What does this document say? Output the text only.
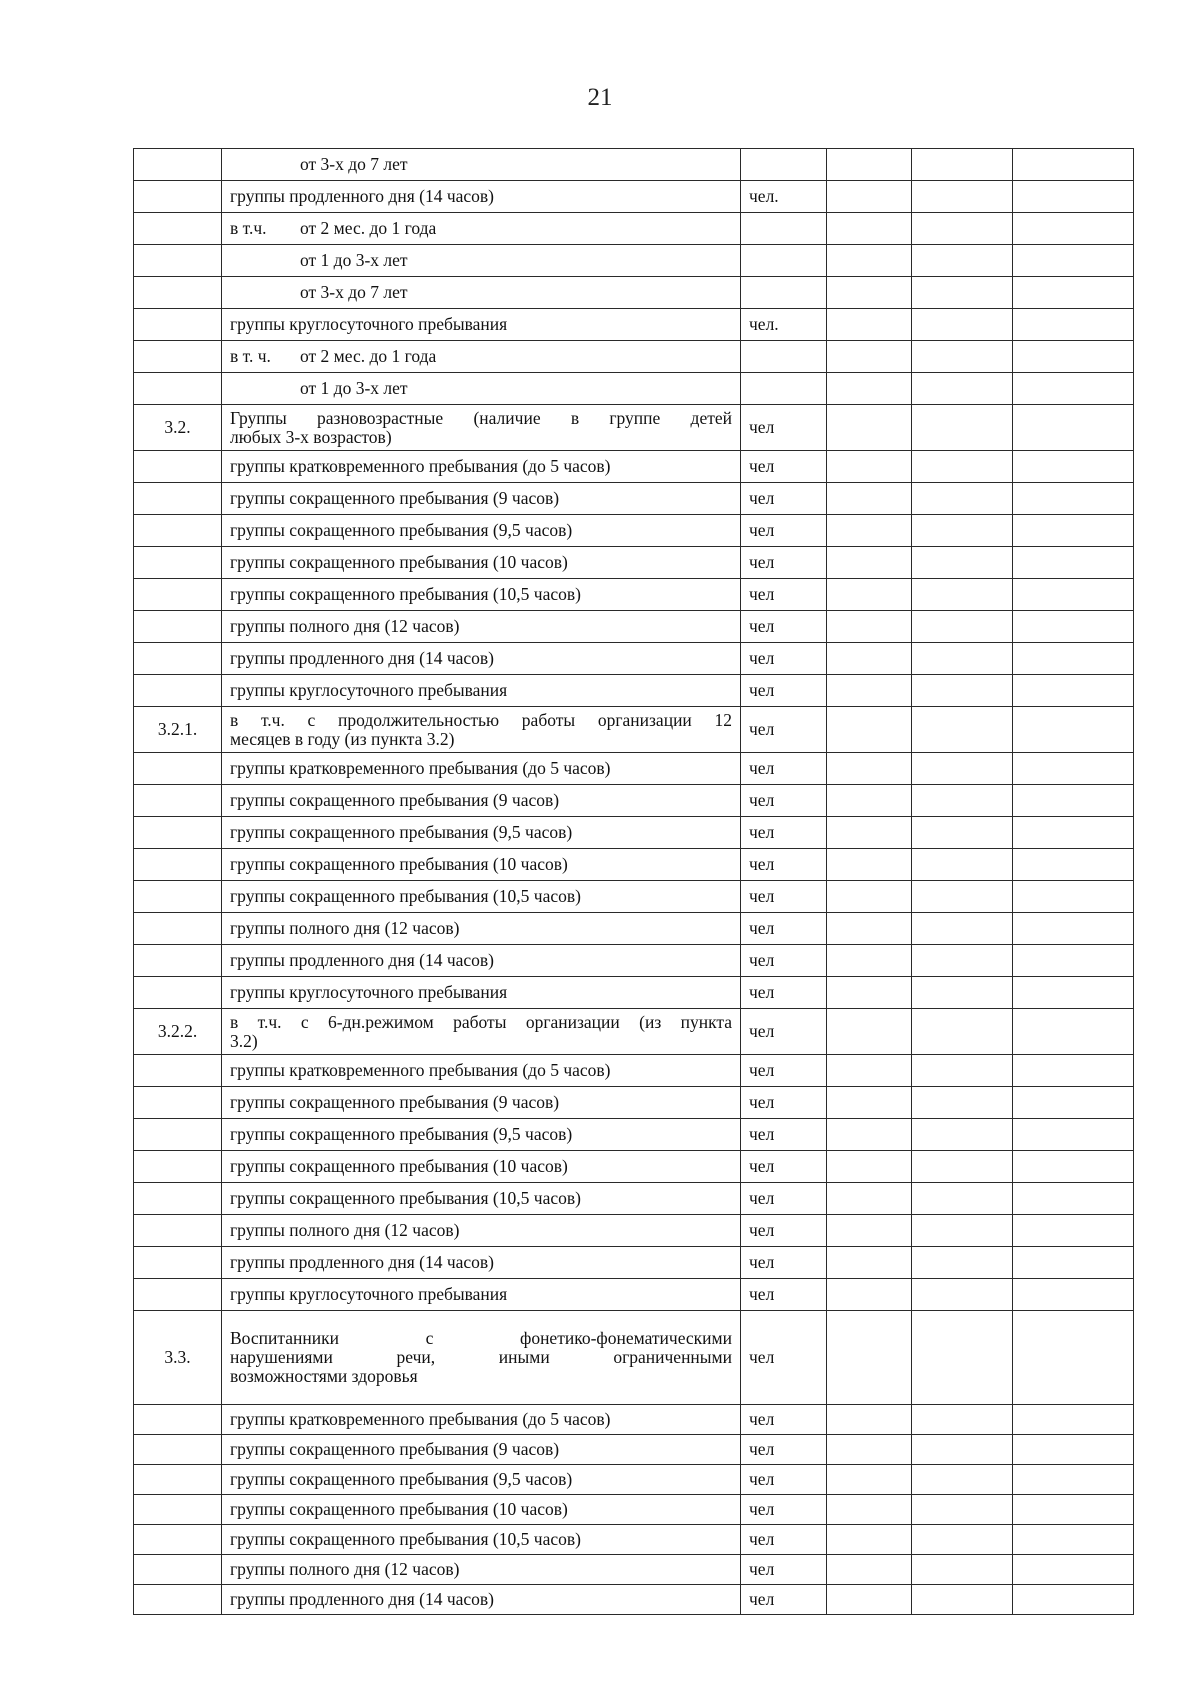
21

	от 3-х до 7 лет				

	группы продленного дня (14 часов)	чел.			
	в т.ч. от 2 мес. до 1 года				

	от 1 до 3-х лет				

	от 3-х до 7 лет				

	группы круглосуточного пребывания	чел.			
	в т. ч. от 2 мес. до 1 года				

	от 1 до 3-х лет				

3.2.	Группы разновозрастные (наличие в группе детей
любых 3-х возрастов)	чел			

	группы кратковременного пребывания (до 5 часов)	чел			

	группы сокращенного пребывания (9 часов)	чел			

	группы сокращенного пребывания (9,5 часов)	чел			

	группы сокращенного пребывания (10 часов)	чел			

	группы сокращенного пребывания (10,5 часов)	чел			

	группы полного дня (12 часов)	чел			

	группы продленного дня (14 часов)	чел			

	группы круглосуточного пребывания	чел			
3.2.1.	в т.ч. с продолжительностью работы организации 12
месяцев в году (из пункта 3.2)	чел			

	группы кратковременного пребывания (до 5 часов)	чел			

	группы сокращенного пребывания (9 часов)	чел			

	группы сокращенного пребывания (9,5 часов)	чел			

	группы сокращенного пребывания (10 часов)	чел			

	группы сокращенного пребывания (10,5 часов)	чел			

	группы полного дня (12 часов)	чел			

	группы продленного дня (14 часов)	чел			

	группы круглосуточного пребывания	чел			
3.2.2.	в т.ч. с 6-дн.режимом работы организации (из пункта
3.2)	чел			

	группы кратковременного пребывания (до 5 часов)	чел			

	группы сокращенного пребывания (9 часов)	чел			

	группы сокращенного пребывания (9,5 часов)	чел			

	группы сокращенного пребывания (10 часов)	чел			

	группы сокращенного пребывания (10,5 часов)	чел			

	группы полного дня (12 часов)	чел			

	группы продленного дня (14 часов)	чел			

	группы круглосуточного пребывания	чел			
3.3.	Воспитанники с фонетико-фонематическими
нарушениями речи, иными ограниченными
возможностями здоровья	чел			

	группы кратковременного пребывания (до 5 часов)	чел			

	группы сокращенного пребывания (9 часов)	чел			

	группы сокращенного пребывания (9,5 часов)	чел			

	группы сокращенного пребывания (10 часов)	чел			

	группы сокращенного пребывания (10,5 часов)	чел			

	группы полного дня (12 часов)	чел			

	группы продленного дня (14 часов)	чел			
